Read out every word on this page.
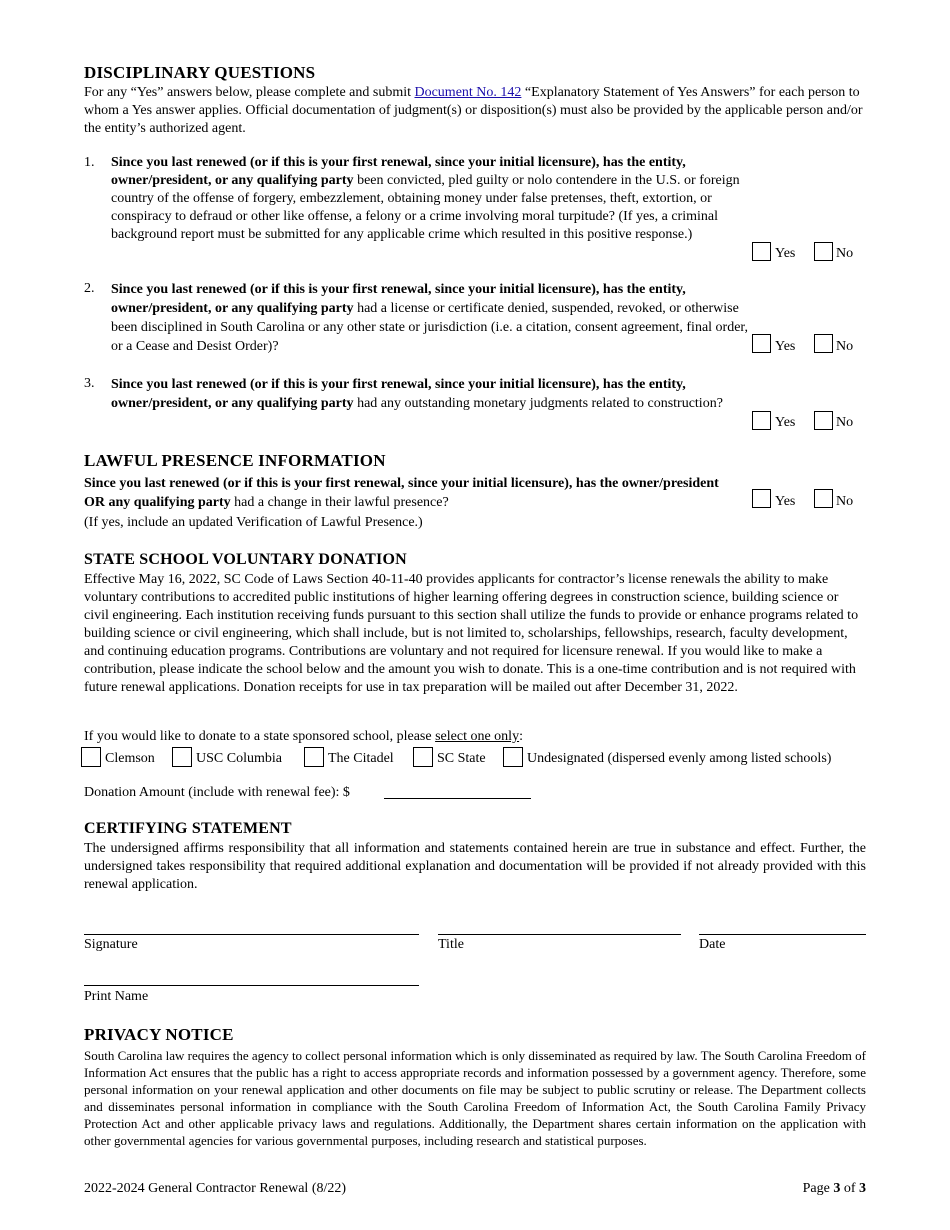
DISCIPLINARY QUESTIONS
For any “Yes” answers below, please complete and submit Document No. 142 “Explanatory Statement of Yes Answers” for each person to whom a Yes answer applies. Official documentation of judgment(s) or disposition(s) must also be provided by the applicable person and/or the entity’s authorized agent.
1. Since you last renewed (or if this is your first renewal, since your initial licensure), has the entity, owner/president, or any qualifying party been convicted, pled guilty or nolo contendere in the U.S. or foreign country of the offense of forgery, embezzlement, obtaining money under false pretenses, theft, extortion, or conspiracy to defraud or other like offense, a felony or a crime involving moral turpitude? (If yes, a criminal background report must be submitted for any applicable crime which resulted in this positive response.)
Yes	No
2. Since you last renewed (or if this is your first renewal, since your initial licensure), has the entity, owner/president, or any qualifying party had a license or certificate denied, suspended, revoked, or otherwise been disciplined in South Carolina or any other state or jurisdiction (i.e. a citation, consent agreement, final order, or a Cease and Desist Order)?	Yes	No
3. Since you last renewed (or if this is your first renewal, since your initial licensure), has the entity, owner/president, or any qualifying party had any outstanding monetary judgments related to construction?
Yes	No
LAWFUL PRESENCE INFORMATION
Since you last renewed (or if this is your first renewal, since your initial licensure), has the owner/president OR any qualifying party had a change in their lawful presence?	Yes	No
(If yes, include an updated Verification of Lawful Presence.)
STATE SCHOOL VOLUNTARY DONATION
Effective May 16, 2022, SC Code of Laws Section 40-11-40 provides applicants for contractor’s license renewals the ability to make voluntary contributions to accredited public institutions of higher learning offering degrees in construction science, building science or civil engineering. Each institution receiving funds pursuant to this section shall utilize the funds to provide or enhance programs related to building science or civil engineering, which shall include, but is not limited to, scholarships, fellowships, research, faculty development, and continuing education programs. Contributions are voluntary and not required for licensure renewal. If you would like to make a contribution, please indicate the school below and the amount you wish to donate. This is a one-time contribution and is not required with future renewal applications. Donation receipts for use in tax preparation will be mailed out after December 31, 2022.
If you would like to donate to a state sponsored school, please select one only:
Clemson	USC Columbia	The Citadel	SC State	Undesignated (dispersed evenly among listed schools)
Donation Amount (include with renewal fee): $
CERTIFYING STATEMENT
The undersigned affirms responsibility that all information and statements contained herein are true in substance and effect. Further, the undersigned takes responsibility that required additional explanation and documentation will be provided if not already provided with this renewal application.
Signature	Title	Date
Print Name
PRIVACY NOTICE
South Carolina law requires the agency to collect personal information which is only disseminated as required by law. The South Carolina Freedom of Information Act ensures that the public has a right to access appropriate records and information possessed by a government agency. Therefore, some personal information on your renewal application and other documents on file may be subject to public scrutiny or release. The Department collects and disseminates personal information in compliance with the South Carolina Freedom of Information Act, the South Carolina Family Privacy Protection Act and other applicable privacy laws and regulations. Additionally, the Department shares certain information on the application with other governmental agencies for various governmental purposes, including research and statistical purposes.
2022-2024 General Contractor Renewal (8/22)	Page 3 of 3
